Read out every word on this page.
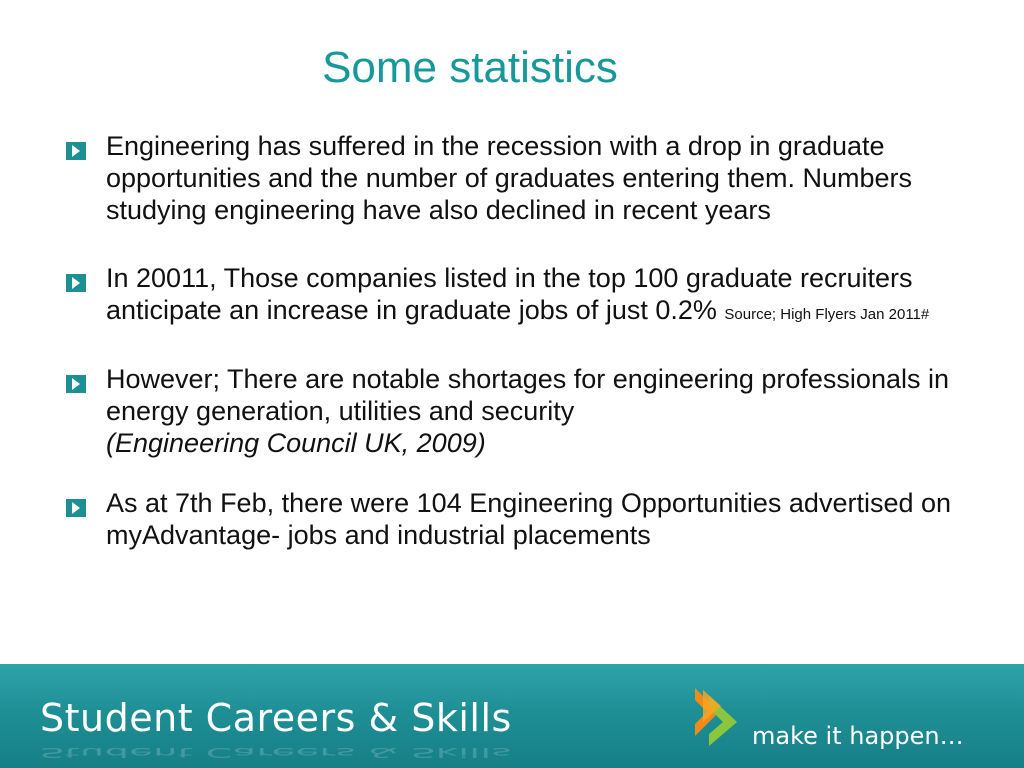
Some statistics
Engineering has suffered in the recession with a drop in graduate opportunities and the number of graduates entering them. Numbers studying engineering have also declined in recent years
In 20011, Those companies listed in the top 100 graduate recruiters anticipate an increase in graduate jobs of just 0.2% Source; High Flyers Jan 2011#
However; There are notable shortages for engineering professionals in energy generation, utilities and security
(Engineering Council UK, 2009)
As at 7th Feb, there were 104 Engineering Opportunities advertised on myAdvantage- jobs and industrial placements
Student Careers & Skills
Student Careers & Skills
make it happen…
